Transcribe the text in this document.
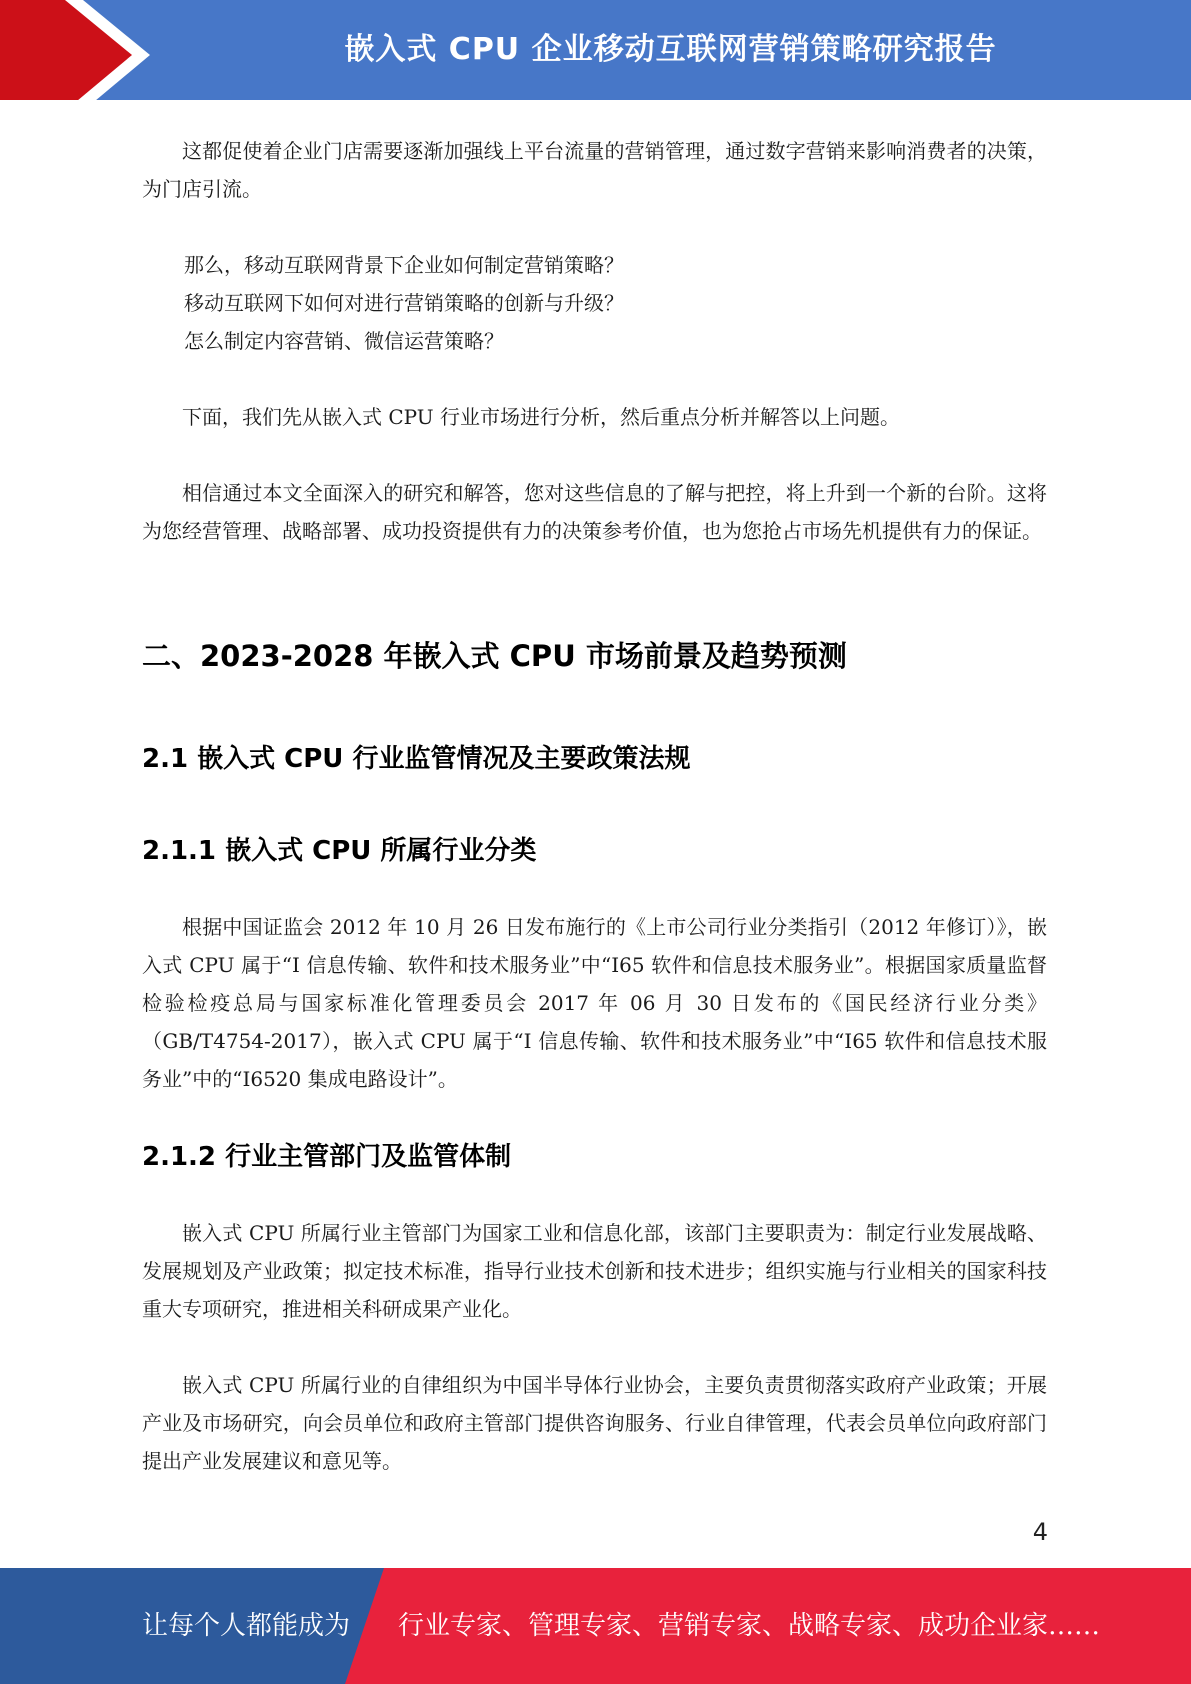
嵌入式 CPU 企业移动互联网营销策略研究报告

这都促使着企业门店需要逐渐加强线上平台流量的营销管理，通过数字营销来影响消费者的决策，为门店引流。

那么，移动互联网背景下企业如何制定营销策略？
移动互联网下如何对进行营销策略的创新与升级？
怎么制定内容营销、微信运营策略？

下面，我们先从嵌入式 CPU 行业市场进行分析，然后重点分析并解答以上问题。

相信通过本文全面深入的研究和解答，您对这些信息的了解与把控，将上升到一个新的台阶。这将为您经营管理、战略部署、成功投资提供有力的决策参考价值，也为您抢占市场先机提供有力的保证。

二、2023-2028 年嵌入式 CPU 市场前景及趋势预测
2.1 嵌入式 CPU 行业监管情况及主要政策法规
2.1.1 嵌入式 CPU 所属行业分类

根据中国证监会 2012 年 10 月 26 日发布施行的《上市公司行业分类指引（2012 年修订）》，嵌入式 CPU 属于“I 信息传输、软件和技术服务业”中“I65 软件和信息技术服务业”。根据国家质量监督检验检疫总局与国家标准化管理委员会 2017 年 06 月 30 日发布的《国民经济行业分类》（GB/T4754-2017），嵌入式 CPU 属于“I 信息传输、软件和技术服务业”中“I65 软件和信息技术服务业”中的“I6520 集成电路设计”。

2.1.2 行业主管部门及监管体制

嵌入式 CPU 所属行业主管部门为国家工业和信息化部，该部门主要职责为：制定行业发展战略、发展规划及产业政策；拟定技术标准，指导行业技术创新和技术进步；组织实施与行业相关的国家科技重大专项研究，推进相关科研成果产业化。

嵌入式 CPU 所属行业的自律组织为中国半导体行业协会，主要负责贯彻落实政府产业政策；开展产业及市场研究，向会员单位和政府主管部门提供咨询服务、行业自律管理，代表会员单位向政府部门提出产业发展建议和意见等。

4
让每个人都能成为 行业专家、管理专家、营销专家、战略专家、成功企业家……
